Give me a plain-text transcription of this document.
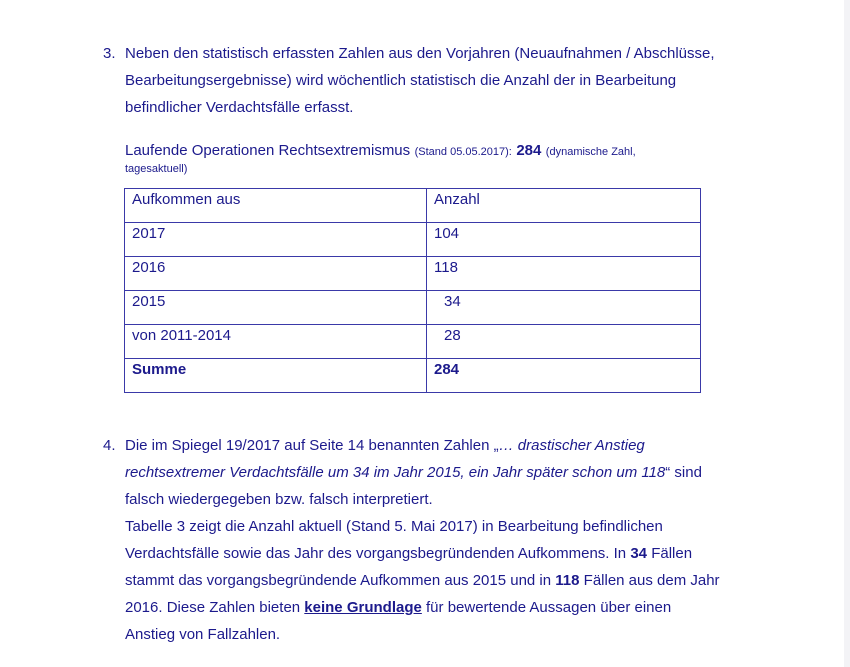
3. Neben den statistisch erfassten Zahlen aus den Vorjahren (Neuaufnahmen / Abschlüsse,
Bearbeitungsergebnisse) wird wöchentlich statistisch die Anzahl der in Bearbeitung
befindlicher Verdachtsfälle erfasst.
Laufende Operationen Rechtsextremismus (Stand 05.05.2017): 284 (dynamische Zahl,
tagesaktuell)
Aufkommen aus	Anzahl
2017	104
2016	118
2015	34
von 2011-2014	28
Summe	284
4. Die im Spiegel 19/2017 auf Seite 14 benannten Zahlen „… drastischer Anstieg
rechtsextremer Verdachtsfälle um 34 im Jahr 2015, ein Jahr später schon um 118“ sind
falsch wiedergegeben bzw. falsch interpretiert.
Tabelle 3 zeigt die Anzahl aktuell (Stand 5. Mai 2017) in Bearbeitung befindlichen
Verdachtsfälle sowie das Jahr des vorgangsbegründenden Aufkommens. In 34 Fällen
stammt das vorgangsbegründende Aufkommen aus 2015 und in 118 Fällen aus dem Jahr
2016. Diese Zahlen bieten keine Grundlage für bewertende Aussagen über einen
Anstieg von Fallzahlen.
